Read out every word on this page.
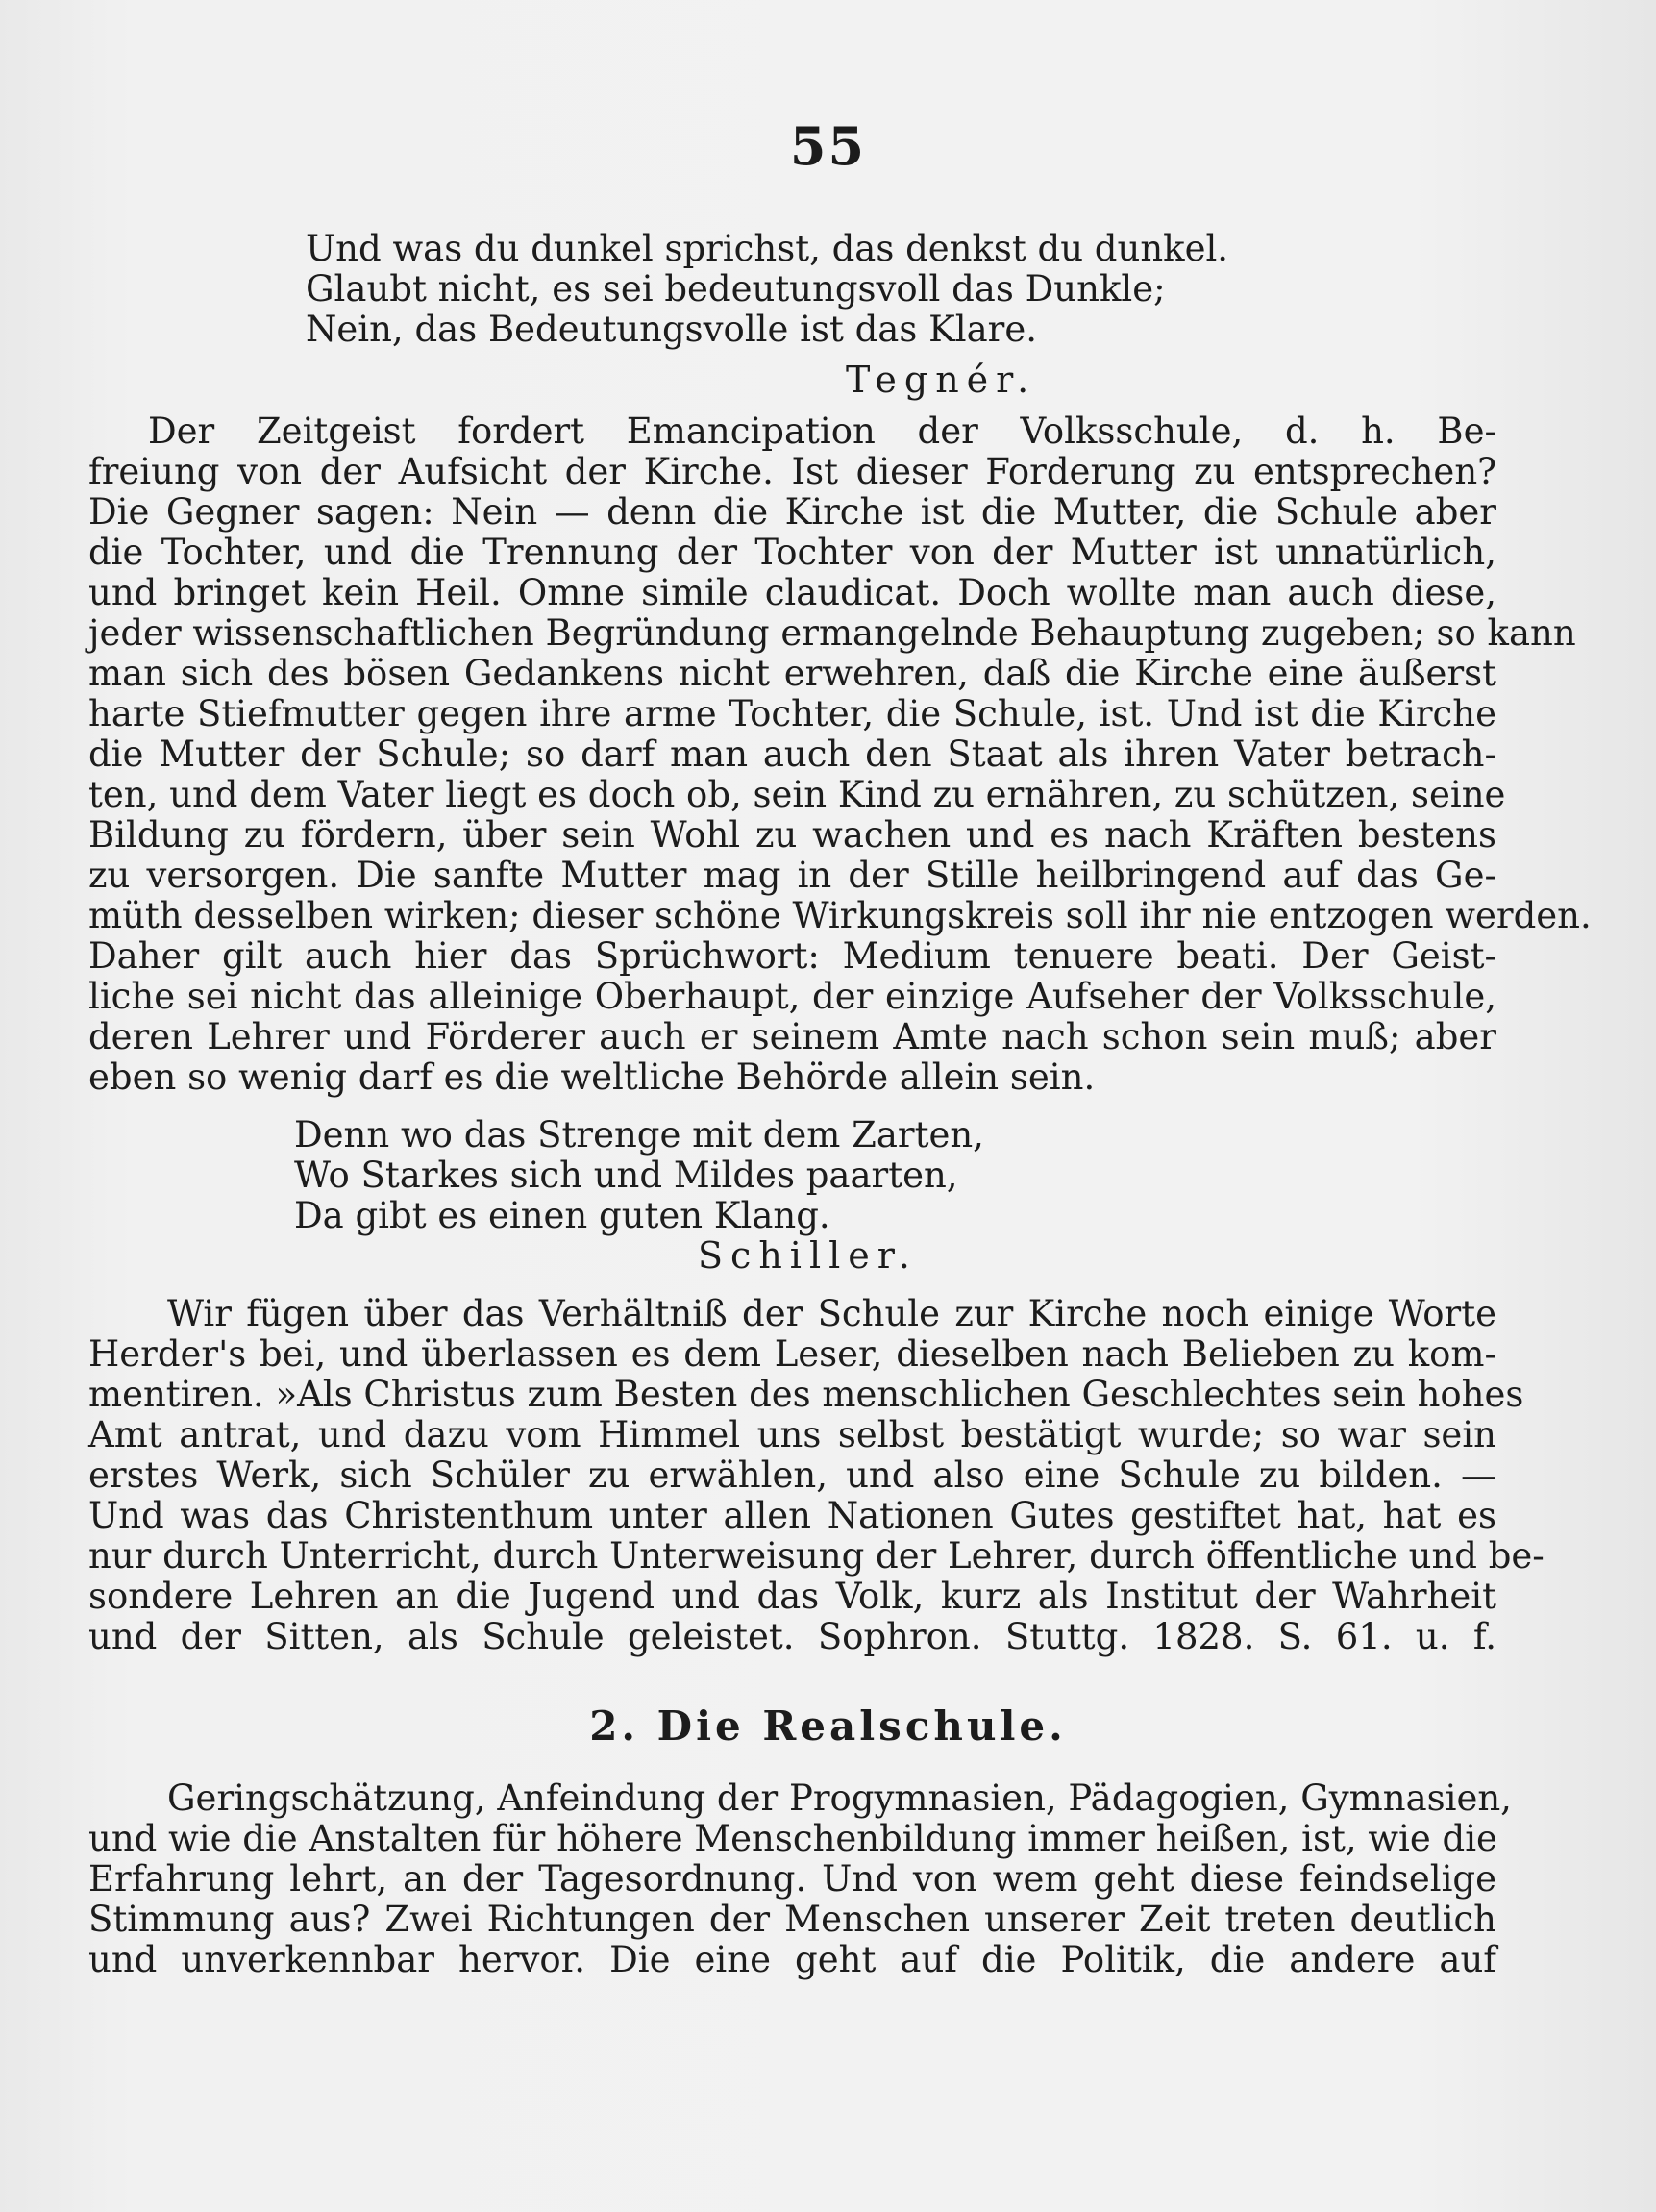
55
Und was du dunkel sprichst, das denkst du dunkel.
Glaubt nicht, es sei bedeutungsvoll das Dunkle;
Nein, das Bedeutungsvolle ist das Klare.
Tegnér.
Der Zeitgeist fordert Emancipation der Volksschule, d. h. Be-
freiung von der Aufsicht der Kirche. Ist dieser Forderung zu entsprechen?
Die Gegner sagen: Nein — denn die Kirche ist die Mutter, die Schule aber
die Tochter, und die Trennung der Tochter von der Mutter ist unnatürlich,
und bringet kein Heil. Omne simile claudicat. Doch wollte man auch diese,
jeder wissenschaftlichen Begründung ermangelnde Behauptung zugeben; so kann
man sich des bösen Gedankens nicht erwehren, daß die Kirche eine äußerst
harte Stiefmutter gegen ihre arme Tochter, die Schule, ist. Und ist die Kirche
die Mutter der Schule; so darf man auch den Staat als ihren Vater betrach-
ten, und dem Vater liegt es doch ob, sein Kind zu ernähren, zu schützen, seine
Bildung zu fördern, über sein Wohl zu wachen und es nach Kräften bestens
zu versorgen. Die sanfte Mutter mag in der Stille heilbringend auf das Ge-
müth desselben wirken; dieser schöne Wirkungskreis soll ihr nie entzogen werden.
Daher gilt auch hier das Sprüchwort: Medium tenuere beati. Der Geist-
liche sei nicht das alleinige Oberhaupt, der einzige Aufseher der Volksschule,
deren Lehrer und Förderer auch er seinem Amte nach schon sein muß; aber
eben so wenig darf es die weltliche Behörde allein sein.
Denn wo das Strenge mit dem Zarten,
Wo Starkes sich und Mildes paarten,
Da gibt es einen guten Klang.
Schiller.
Wir fügen über das Verhältniß der Schule zur Kirche noch einige Worte
Herder's bei, und überlassen es dem Leser, dieselben nach Belieben zu kom-
mentiren. »Als Christus zum Besten des menschlichen Geschlechtes sein hohes
Amt antrat, und dazu vom Himmel uns selbst bestätigt wurde; so war sein
erstes Werk, sich Schüler zu erwählen, und also eine Schule zu bilden. —
Und was das Christenthum unter allen Nationen Gutes gestiftet hat, hat es
nur durch Unterricht, durch Unterweisung der Lehrer, durch öffentliche und be-
sondere Lehren an die Jugend und das Volk, kurz als Institut der Wahrheit
und der Sitten, als Schule geleistet. Sophron. Stuttg. 1828. S. 61. u. f.
2. Die Realschule.
Geringschätzung, Anfeindung der Progymnasien, Pädagogien, Gymnasien,
und wie die Anstalten für höhere Menschenbildung immer heißen, ist, wie die
Erfahrung lehrt, an der Tagesordnung. Und von wem geht diese feindselige
Stimmung aus? Zwei Richtungen der Menschen unserer Zeit treten deutlich
und unverkennbar hervor. Die eine geht auf die Politik, die andere auf
